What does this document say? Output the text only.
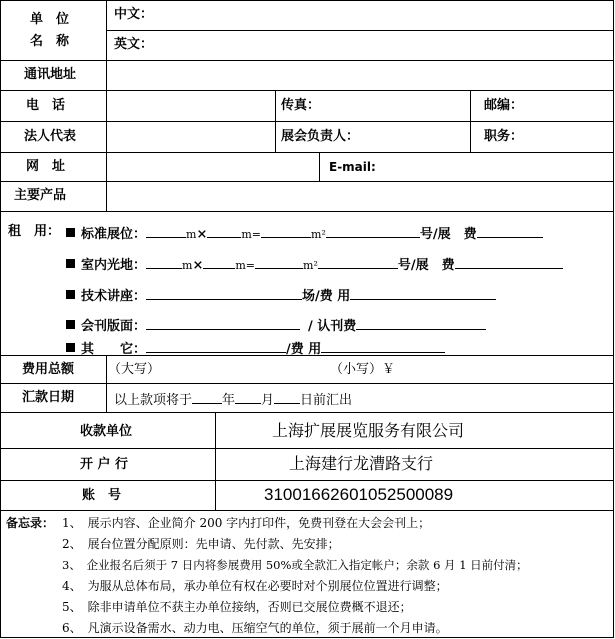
单　位
名　称
中文：
英文：
通讯地址
电　话	传真：	邮编：
法人代表	展会负责人：	职务：
网　址	E-mail:
主要产品
租　用：	标准展位：	m×	m=	m²	号/展　费
室内光地：	m×	m=	m²	号/展　费
技术讲座：	场/费 用
会刊版面：	/ 认刊费
其　　它：	/费 用
费用总额	（大写）	（小写）￥
汇款日期	以上款项将于 年 月 日前汇出
收款单位	上海扩展展览服务有限公司
开 户 行	上海建行龙漕路支行
账　号	31001662601052500089
备忘录： 1、　展示内容、企业简介 200 字内打印件，免费刊登在大会会刊上；
2、　展台位置分配原则：先申请、先付款、先安排；
3、　企业报名后须于 7 日内将参展费用 50%或全款汇入指定帐户；余款 6 月 1 日前付清；
4、　为服从总体布局，承办单位有权在必要时对个别展位位置进行调整；
5、　除非申请单位不获主办单位接纳，否则已交展位费概不退还；
6、　凡演示设备需水、动力电、压缩空气的单位，须于展前一个月申请。
